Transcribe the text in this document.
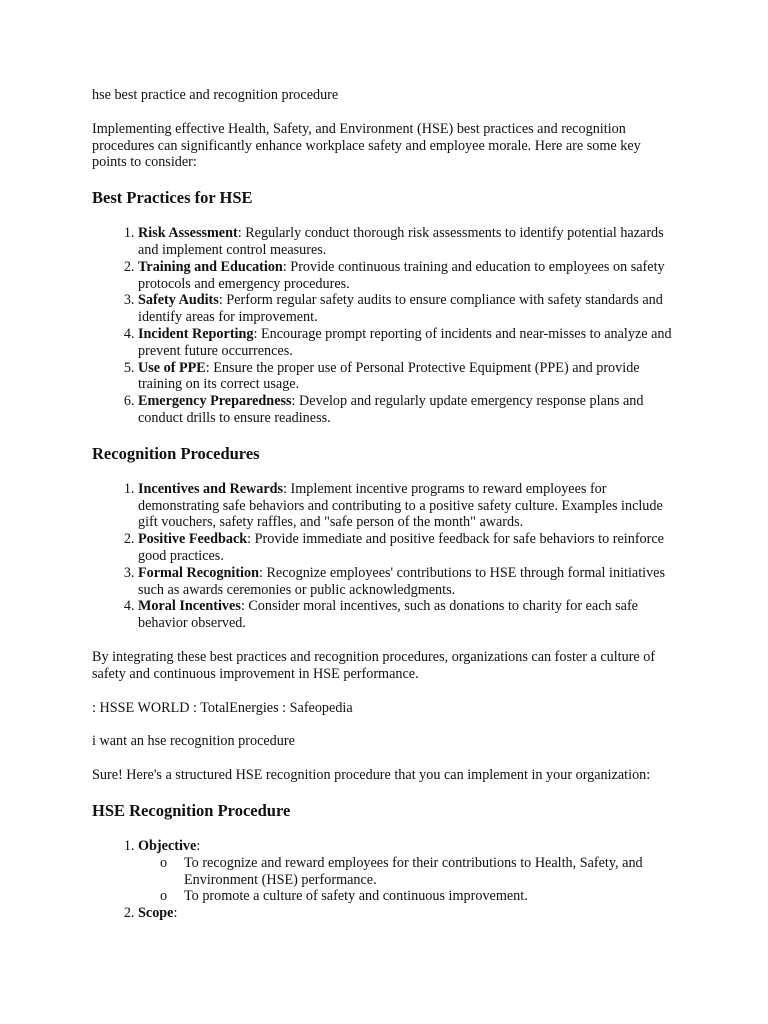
hse best practice and recognition procedure

Implementing effective Health, Safety, and Environment (HSE) best practices and recognition procedures can significantly enhance workplace safety and employee morale. Here are some key points to consider:

Best Practices for HSE
1. Risk Assessment: Regularly conduct thorough risk assessments to identify potential hazards and implement control measures.
2. Training and Education: Provide continuous training and education to employees on safety protocols and emergency procedures.
3. Safety Audits: Perform regular safety audits to ensure compliance with safety standards and identify areas for improvement.
4. Incident Reporting: Encourage prompt reporting of incidents and near-misses to analyze and prevent future occurrences.
5. Use of PPE: Ensure the proper use of Personal Protective Equipment (PPE) and provide training on its correct usage.
6. Emergency Preparedness: Develop and regularly update emergency response plans and conduct drills to ensure readiness.
Recognition Procedures
1. Incentives and Rewards: Implement incentive programs to reward employees for demonstrating safe behaviors and contributing to a positive safety culture. Examples include gift vouchers, safety raffles, and "safe person of the month" awards.
2. Positive Feedback: Provide immediate and positive feedback for safe behaviors to reinforce good practices.
3. Formal Recognition: Recognize employees' contributions to HSE through formal initiatives such as awards ceremonies or public acknowledgments.
4. Moral Incentives: Consider moral incentives, such as donations to charity for each safe behavior observed.

By integrating these best practices and recognition procedures, organizations can foster a culture of safety and continuous improvement in HSE performance.

: HSSE WORLD : TotalEnergies : Safeopedia

i want an hse recognition procedure

Sure! Here's a structured HSE recognition procedure that you can implement in your organization:

HSE Recognition Procedure
1. Objective:
o To recognize and reward employees for their contributions to Health, Safety, and Environment (HSE) performance.
o To promote a culture of safety and continuous improvement.
2. Scope:
